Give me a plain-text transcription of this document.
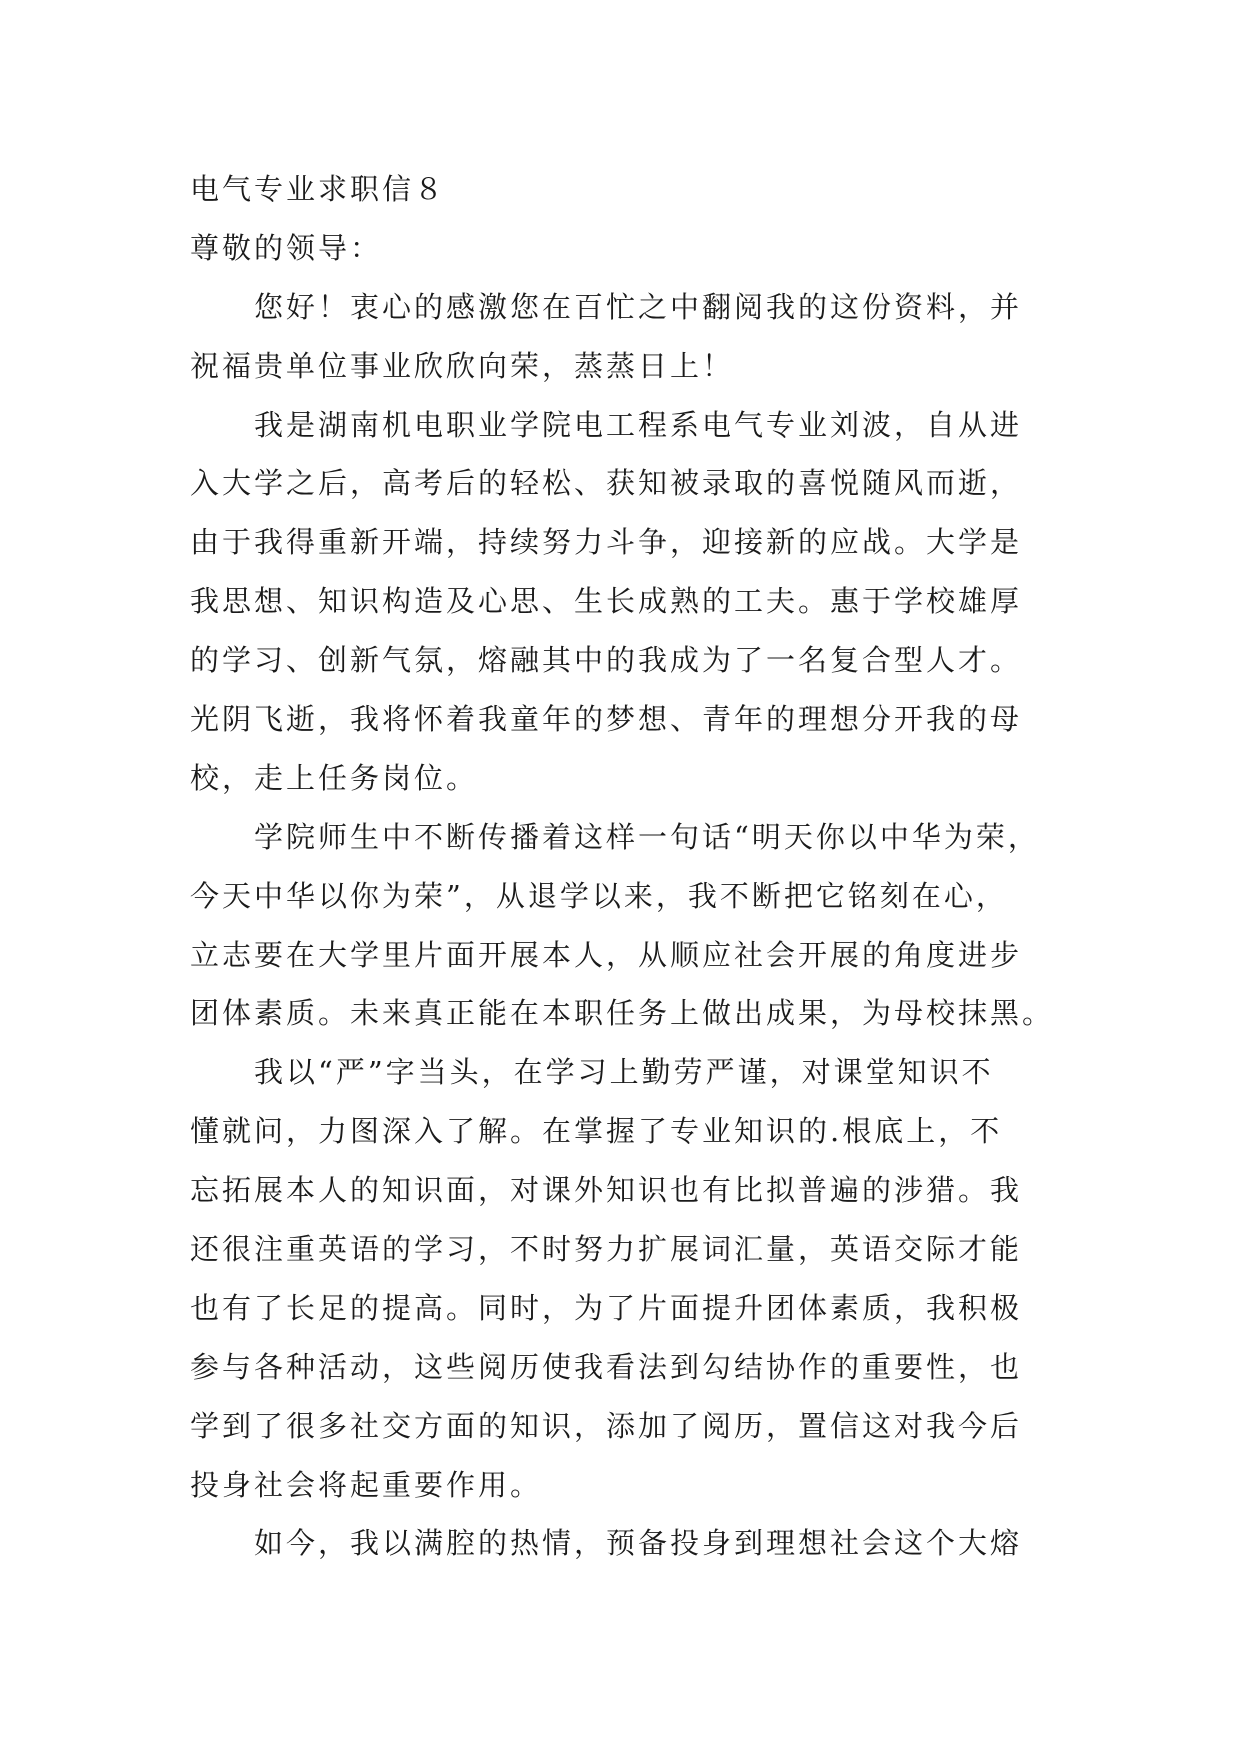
电气专业求职信８
尊敬的领导：
您好！衷心的感激您在百忙之中翻阅我的这份资料，并
祝福贵单位事业欣欣向荣，蒸蒸日上！
我是湖南机电职业学院电工程系电气专业刘波，自从进
入大学之后，高考后的轻松、获知被录取的喜悦随风而逝，
由于我得重新开端，持续努力斗争，迎接新的应战。大学是
我思想、知识构造及心思、生长成熟的工夫。惠于学校雄厚
的学习、创新气氛，熔融其中的我成为了一名复合型人才。
光阴飞逝，我将怀着我童年的梦想、青年的理想分开我的母
校，走上任务岗位。
学院师生中不断传播着这样一句话“明天你以中华为荣，
今天中华以你为荣”，从退学以来，我不断把它铭刻在心，
立志要在大学里片面开展本人，从顺应社会开展的角度进步
团体素质。未来真正能在本职任务上做出成果，为母校抹黑。
我以“严”字当头，在学习上勤劳严谨，对课堂知识不
懂就问，力图深入了解。在掌握了专业知识的.根底上，不
忘拓展本人的知识面，对课外知识也有比拟普遍的涉猎。我
还很注重英语的学习，不时努力扩展词汇量，英语交际才能
也有了长足的提高。同时，为了片面提升团体素质，我积极
参与各种活动，这些阅历使我看法到勾结协作的重要性，也
学到了很多社交方面的知识，添加了阅历，置信这对我今后
投身社会将起重要作用。
如今，我以满腔的热情，预备投身到理想社会这个大熔
